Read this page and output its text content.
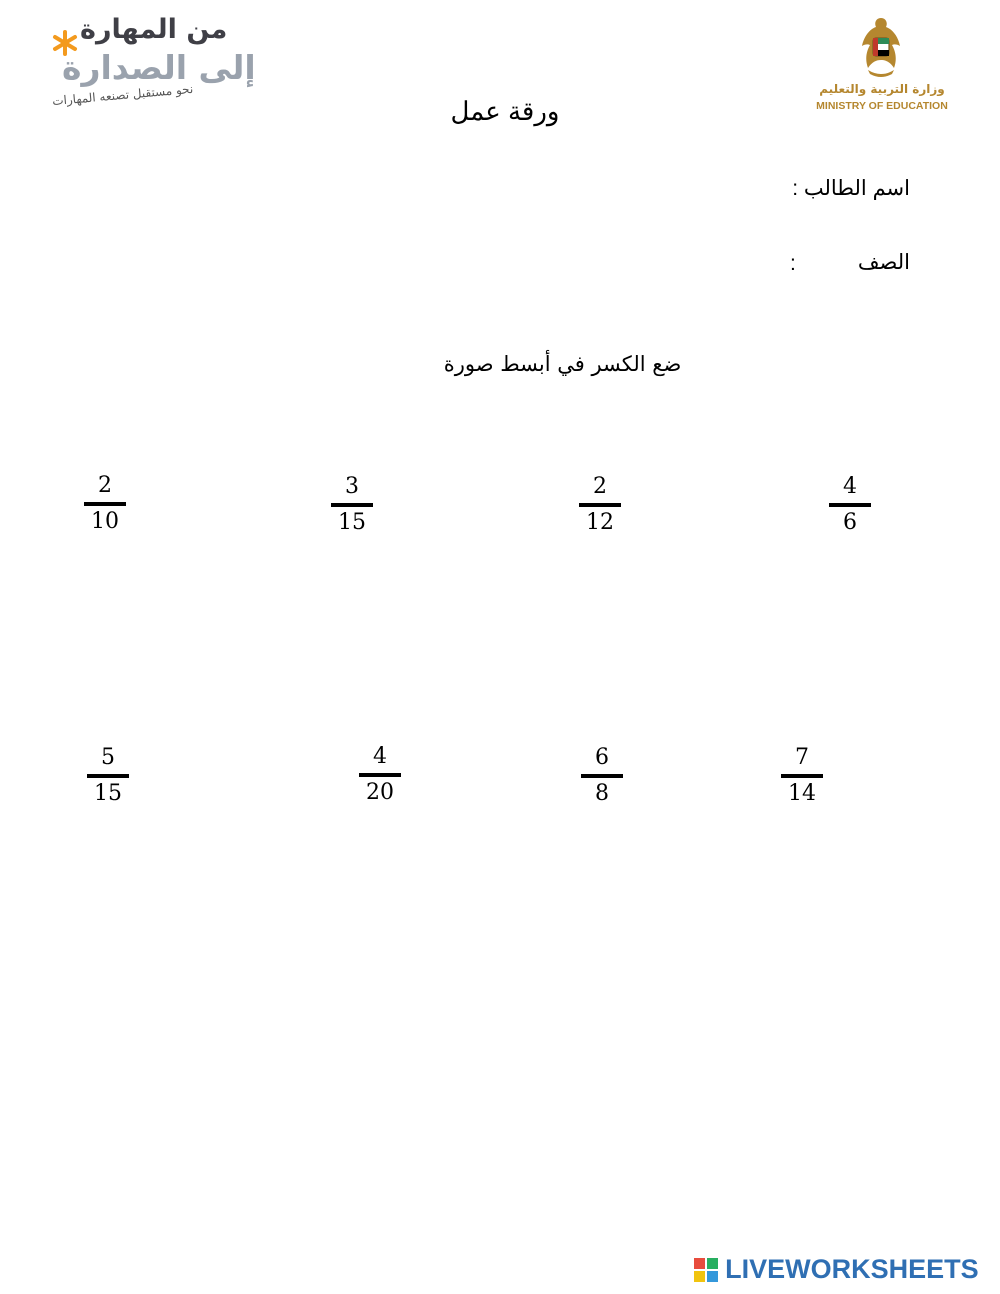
من المهارة
إلى الصدارة
نحو مستقبل تصنعه المهارات	وزارة التربية والتعليم
MINISTRY OF EDUCATION
ورقة عمل
اسم الطالب :
الصف
:
ضع الكسر في أبسط صورة
2
10
3
15
2
12
4
6
5
15
4
20
6
8
7
14
LIVEWORKSHEETS
